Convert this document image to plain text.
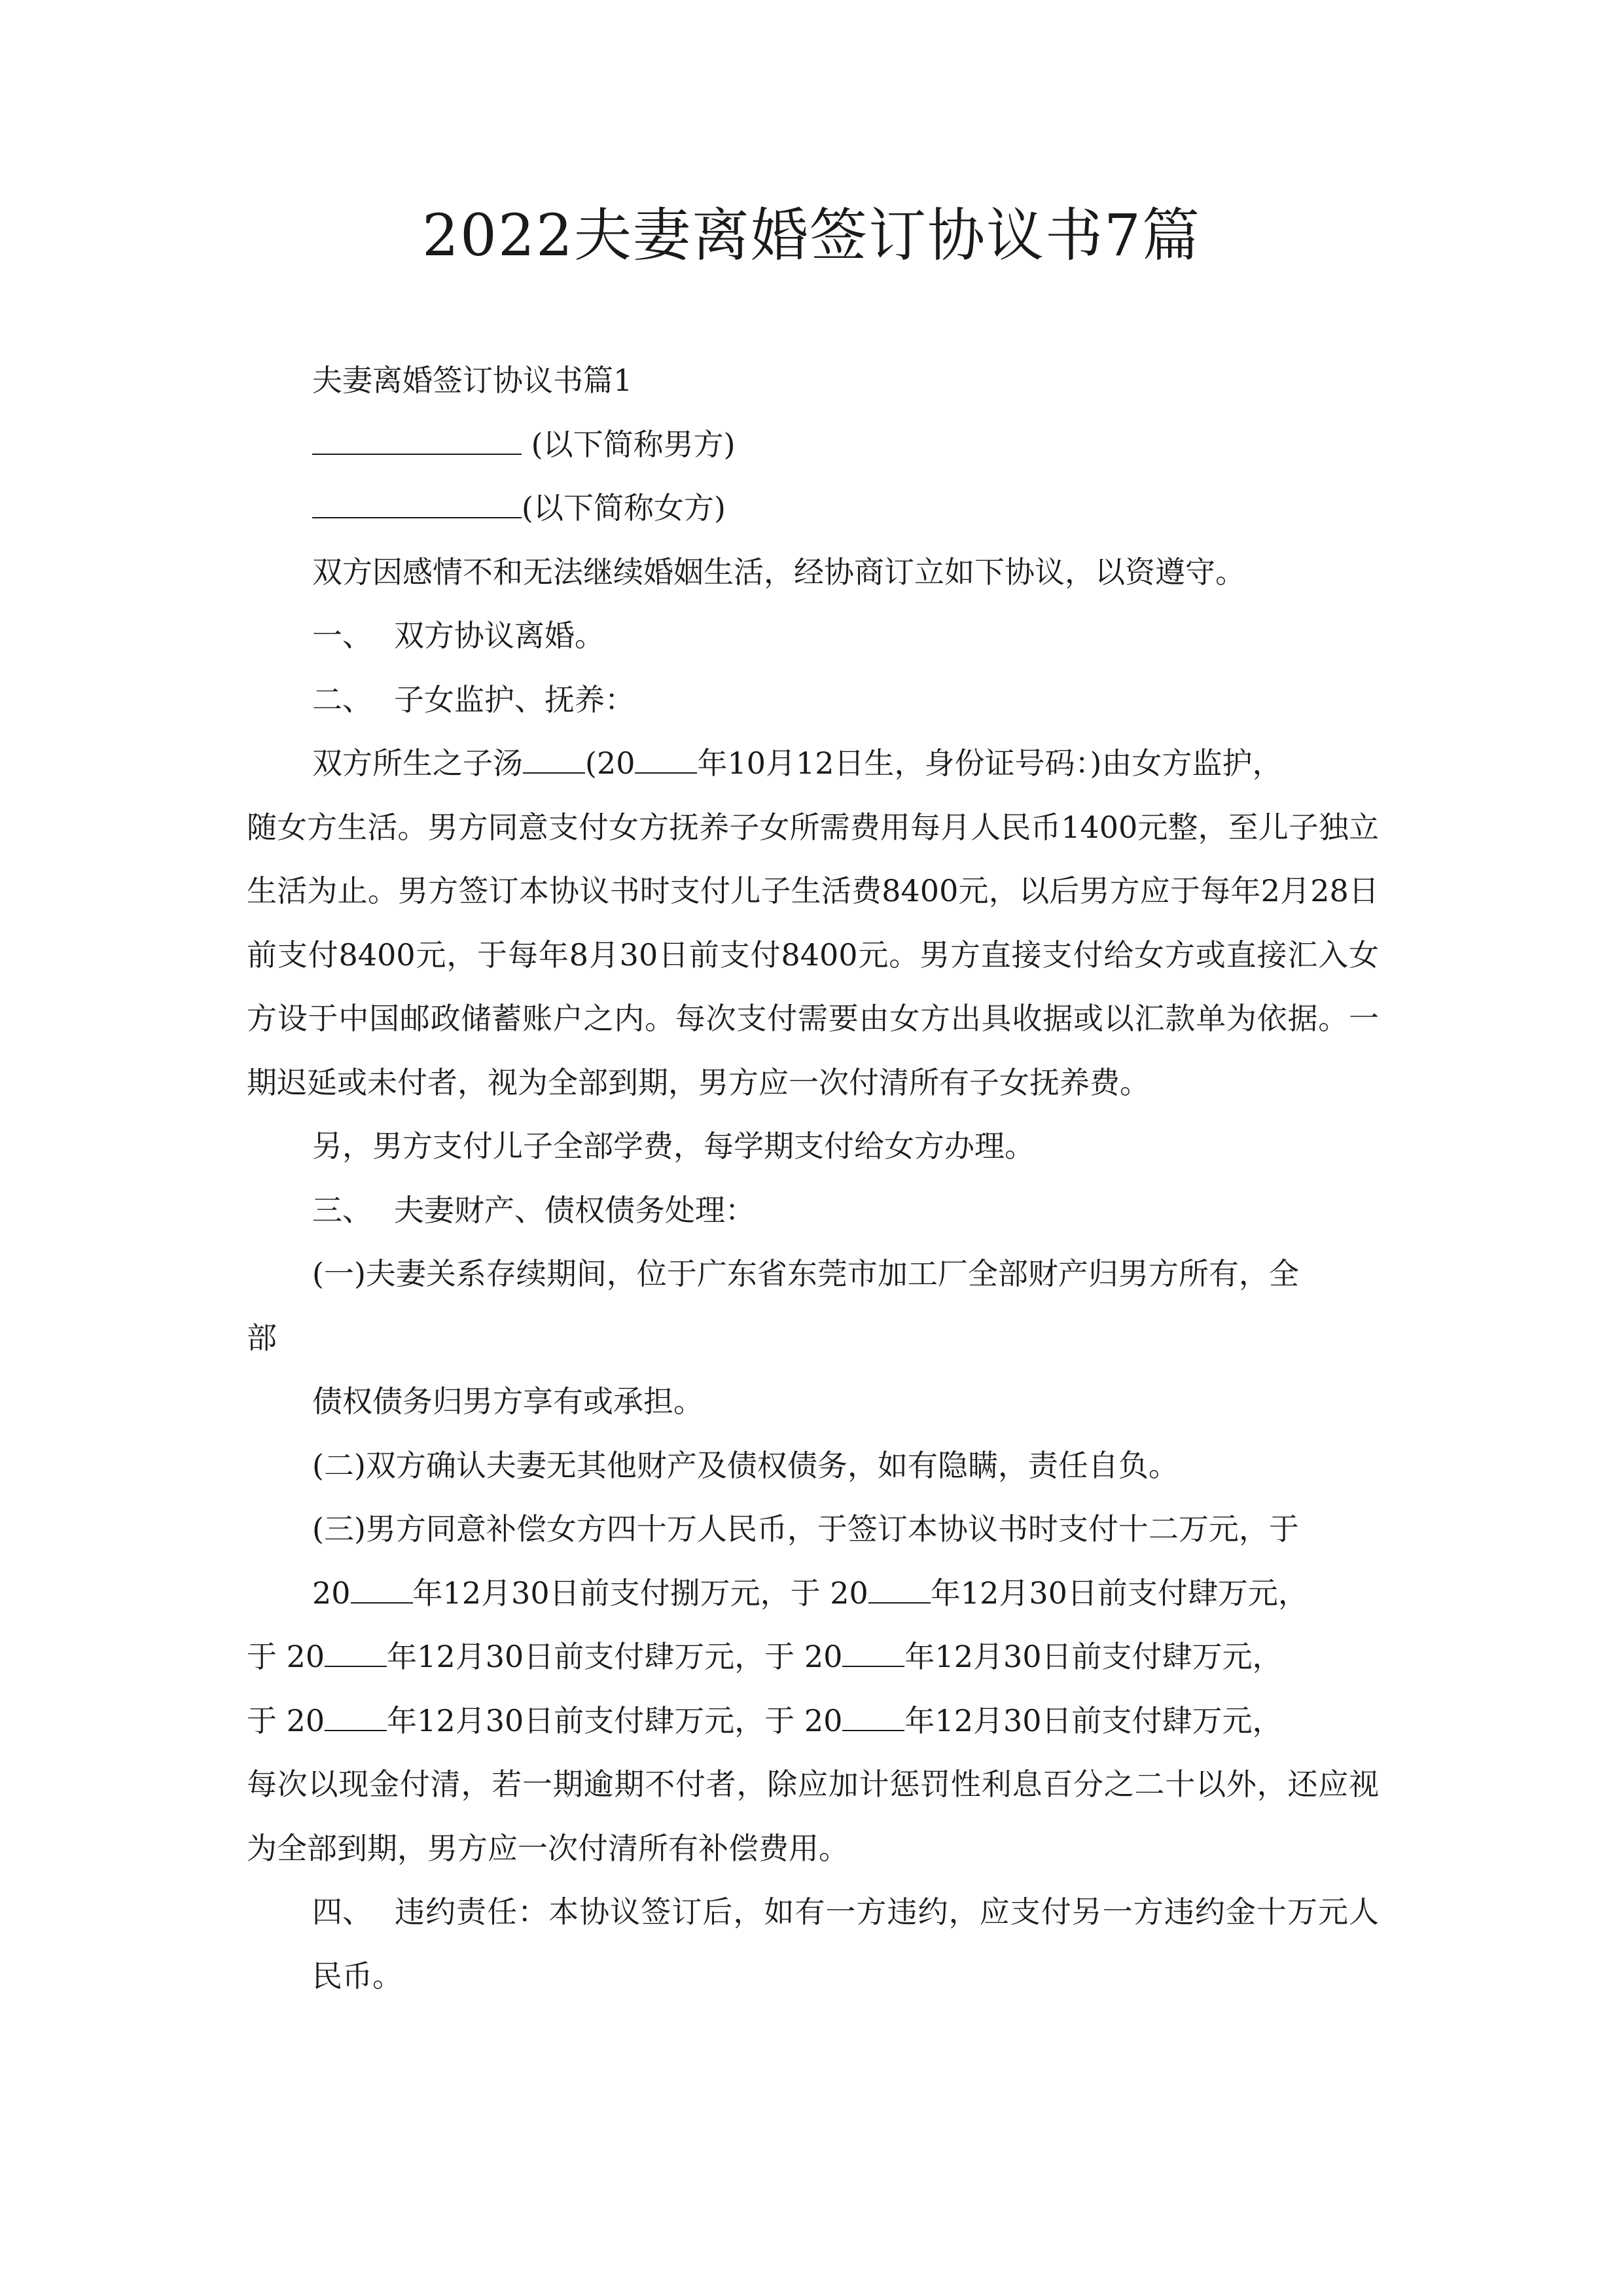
2022夫妻离婚签订协议书7篇

夫妻离婚签订协议书篇1

(以下简称男方)

(以下简称女方)

双方因感情不和无法继续婚姻生活，经协商订立如下协议，以资遵守。

一、 双方协议离婚。

二、 子女监护、抚养：

双方所生之子汤 (20 年10月12日生，身份证号码：)由女方监护，

随女方生活。男方同意支付女方抚养子女所需费用每月人民币1400元整，至儿子独立生活为止。男方签订本协议书时支付儿子生活费8400元，以后男方应于每年2月28日前支付8400元，于每年8月30日前支付8400元。男方直接支付给女方或直接汇入女方设于中国邮政储蓄账户之内。每次支付需要由女方出具收据或以汇款单为依据。一期迟延或未付者，视为全部到期，男方应一次付清所有子女抚养费。

另，男方支付儿子全部学费，每学期支付给女方办理。

三、 夫妻财产、债权债务处理：

(一)夫妻关系存续期间，位于广东省东莞市加工厂全部财产归男方所有，全

部

债权债务归男方享有或承担。

(二)双方确认夫妻无其他财产及债权债务，如有隐瞒，责任自负。

(三)男方同意补偿女方四十万人民币，于签订本协议书时支付十二万元，于

20 年12月30日前支付捌万元，于 20 年12月30日前支付肆万元，

于 20 年12月30日前支付肆万元，于 20 年12月30日前支付肆万元，

于 20 年12月30日前支付肆万元，于 20 年12月30日前支付肆万元，

每次以现金付清，若一期逾期不付者，除应加计惩罚性利息百分之二十以外，还应视为全部到期，男方应一次付清所有补偿费用。

四、 违约责任：本协议签订后，如有一方违约，应支付另一方违约金十万元人民币。
